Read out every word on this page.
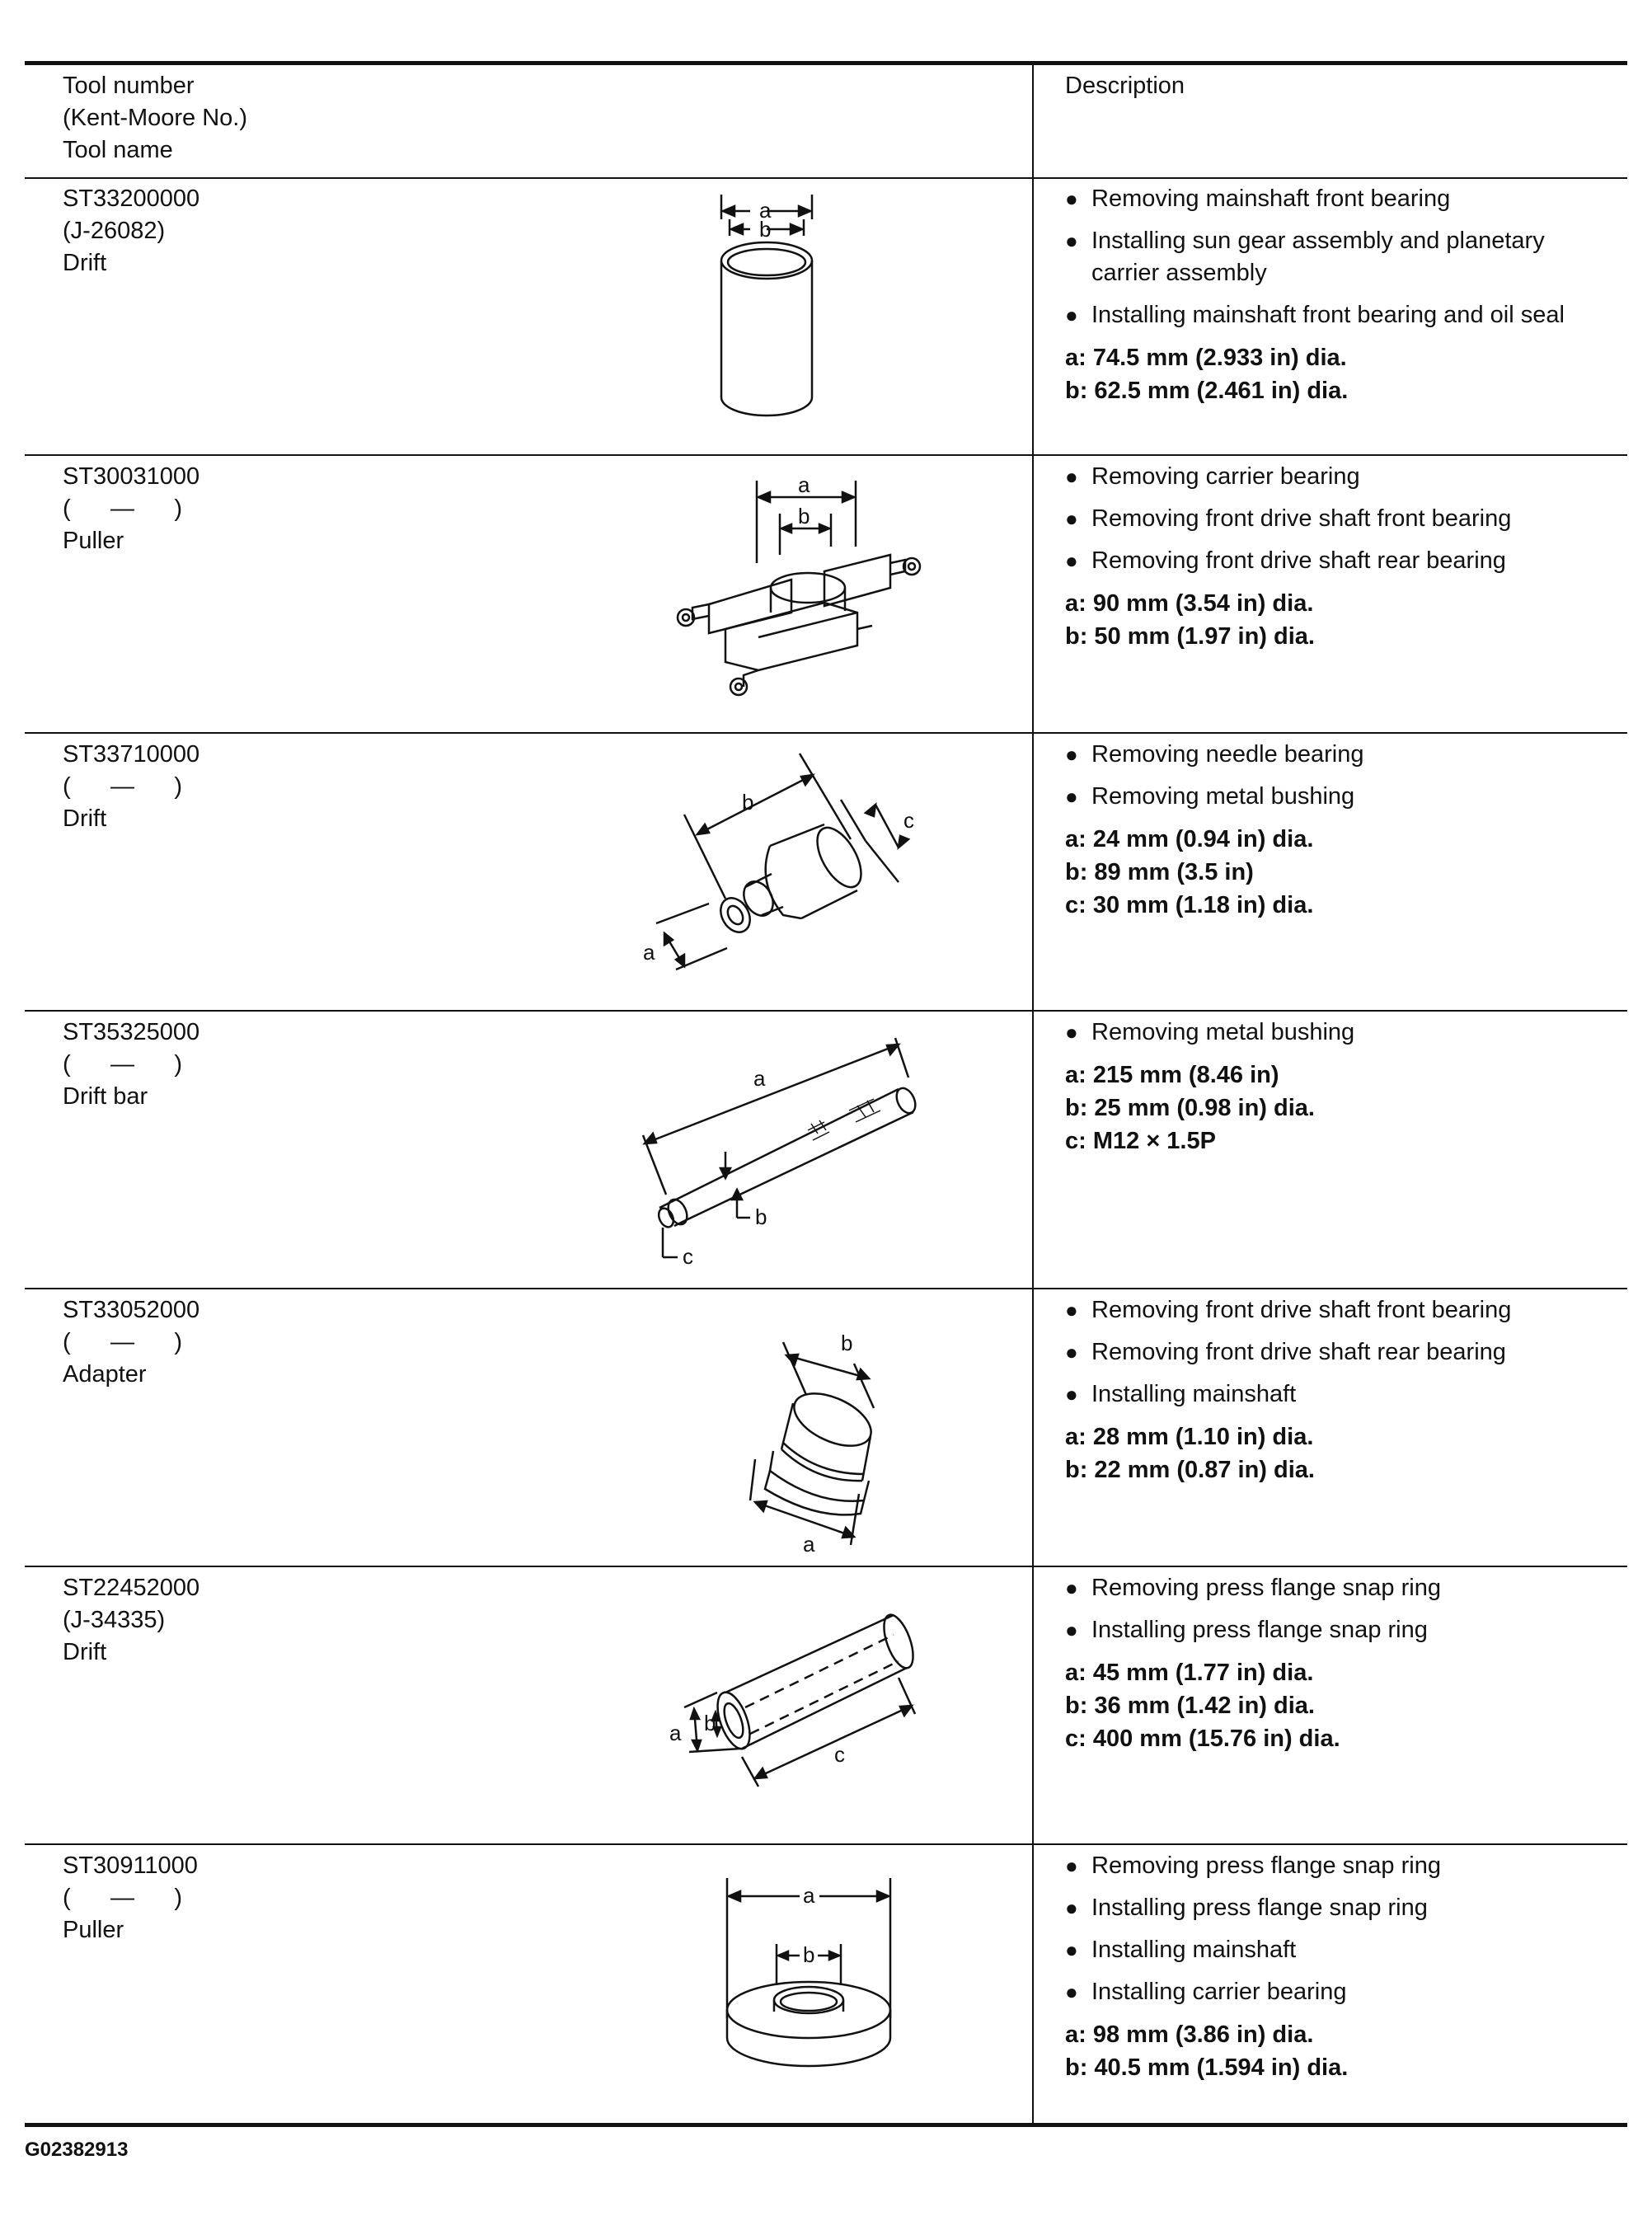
Tool number
(Kent-Moore No.)
Tool name
Description
ST33200000
(J-26082)
Drift
a
b
● Removing mainshaft front bearing
● Installing sun gear assembly and planetary carrier assembly
● Installing mainshaft front bearing and oil seal
a: 74.5 mm (2.933 in) dia.
b: 62.5 mm (2.461 in) dia.
ST30031000
(      —      )
Puller
a
b
● Removing carrier bearing
● Removing front drive shaft front bearing
● Removing front drive shaft rear bearing
a: 90 mm (3.54 in) dia.
b: 50 mm (1.97 in) dia.
ST33710000
(      —      )
Drift
a
b
c
● Removing needle bearing
● Removing metal bushing
a: 24 mm (0.94 in) dia.
b: 89 mm (3.5 in)
c: 30 mm (1.18 in) dia.
ST35325000
(      —      )
Drift bar
a
b
c
● Removing metal bushing
a: 215 mm (8.46 in)
b: 25 mm (0.98 in) dia.
c: M12 × 1.5P
ST33052000
(      —      )
Adapter
a
b
● Removing front drive shaft front bearing
● Removing front drive shaft rear bearing
● Installing mainshaft
a: 28 mm (1.10 in) dia.
b: 22 mm (0.87 in) dia.
ST22452000
(J-34335)
Drift
a b
c
● Removing press flange snap ring
● Installing press flange snap ring
a: 45 mm (1.77 in) dia.
b: 36 mm (1.42 in) dia.
c: 400 mm (15.76 in) dia.
ST30911000
(      —      )
Puller
a
b
● Removing press flange snap ring
● Installing press flange snap ring
● Installing mainshaft
● Installing carrier bearing
a: 98 mm (3.86 in) dia.
b: 40.5 mm (1.594 in) dia.
G02382913
